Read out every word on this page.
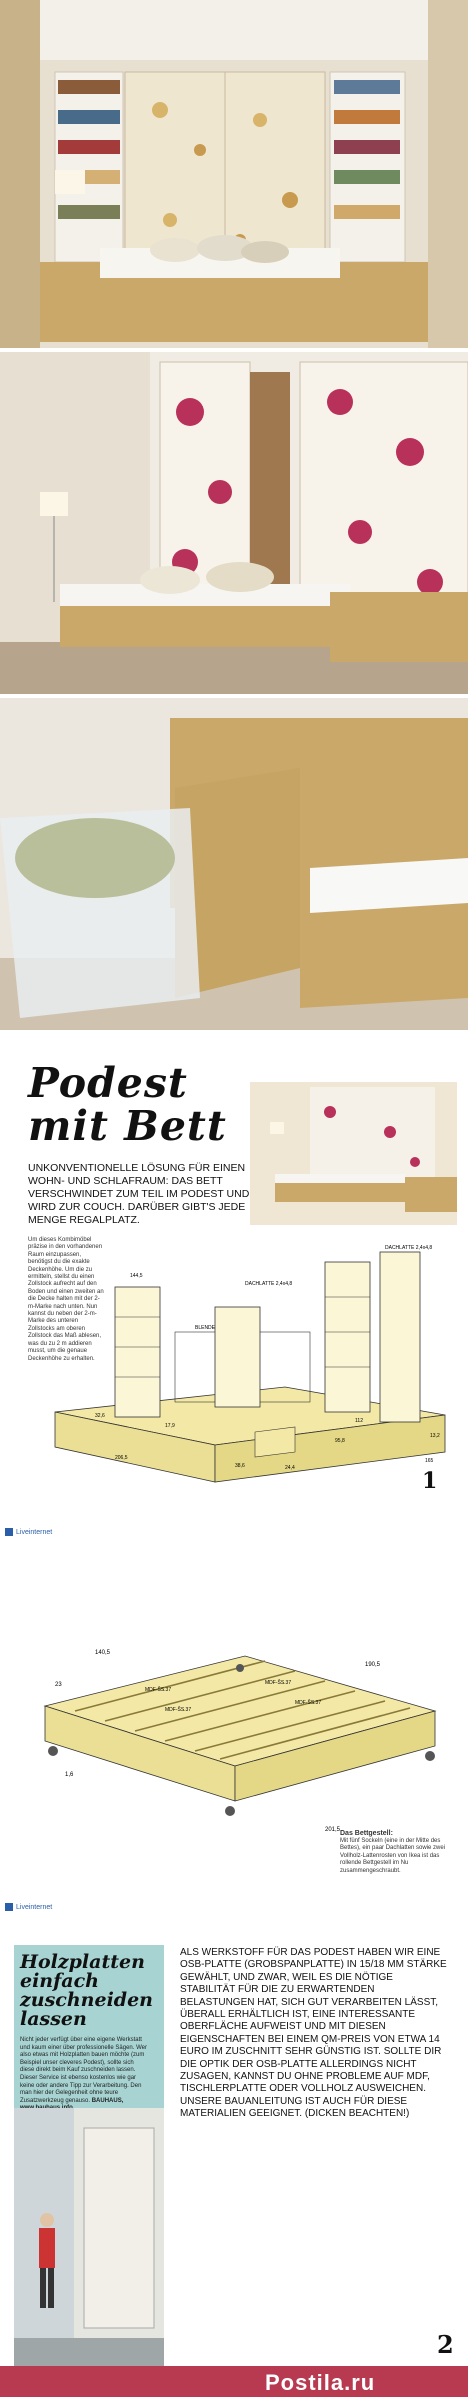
Podest
mit Bett

UNKONVENTIONELLE LÖSUNG FÜR EINEN WOHN- UND SCHLAFRAUM: DAS BETT VERSCHWINDET ZUM TEIL IM PODEST UND WIRD ZUR COUCH. DARÜBER GIBT'S JEDE MENGE REGALPLATZ.

DACHLATTE 2,4x4,8
BLENDE
DACHLATTE 2,4x4,8
144,5
32,6
17,9
38,6	24,4
95,8
13,2
165
206,5
112

Um dieses Kombimöbel präzise in den vorhandenen Raum einzupassen, benötigst du die exakte Deckenhöhe. Um die zu ermitteln, stellst du einen Zollstock aufrecht auf den Boden und einen zweiten an die Decke halten mit der 2-m-Marke nach unten. Nun kannst du neben der 2-m-Marke des unteren Zollstocks am oberen Zollstock das Maß ablesen, was du zu 2 m addieren musst, um die genaue Deckenhöhe zu erhalten.

1
Liveinternet
140,5
190,5
201,5
23
1,6
MDF-ŠS.37
MDF-ŠS.37
MDF-ŠS.37
MDF-ŠS.37
Das Bettgestell:
Mit fünf Sockeln (eine in der Mitte des Bettes), ein paar Dachlatten sowie zwei Vollholz-Lattenrosten von Ikea ist das rollende Bettgestell im Nu zusammengeschraubt.
Liveinternet
Holzplatten einfach zuschneiden lassen
Nicht jeder verfügt über eine eigene Werkstatt und kaum einer über professionelle Sägen. Wer also etwas mit Holzplatten bauen möchte (zum Beispiel unser cleveres Podest), sollte sich diese direkt beim Kauf zuschneiden lassen. Dieser Service ist ebenso kostenlos wie gar keine oder andere Tipp zur Verarbeitung. Den man hier der Gelegenheit ohne teure Zusatzwerkzeug genauso. BAUHAUS,

ALS WERKSTOFF FÜR DAS PODEST HABEN WIR EINE OSB-PLATTE (GROBSPANPLATTE) IN 15/18 MM STÄRKE GEWÄHLT, UND ZWAR, WEIL ES DIE NÖTIGE STABILITÄT FÜR DIE ZU ERWARTENDEN BELASTUNGEN HAT, SICH GUT VERARBEITEN LÄSST, ÜBERALL ERHÄLTLICH IST, EINE INTERESSANTE OBERFLÄCHE AUFWEIST UND MIT DIESEN EIGENSCHAFTEN BEI EINEM QM-PREIS VON ETWA 14 EURO IM ZUSCHNITT SEHR GÜNSTIG IST. SOLLTE DIR DIE OPTIK DER OSB-PLATTE ALLERDINGS NICHT ZUSAGEN, KANNST DU OHNE PROBLEME AUF MDF, TISCHLERPLATTE ODER VOLLHOLZ AUSWEICHEN. UNSERE BAUANLEITUNG IST AUCH FÜR DIESE MATERIALIEN GEEIGNET. (DICKEN BEACHTEN!)

2
Postila.ru
